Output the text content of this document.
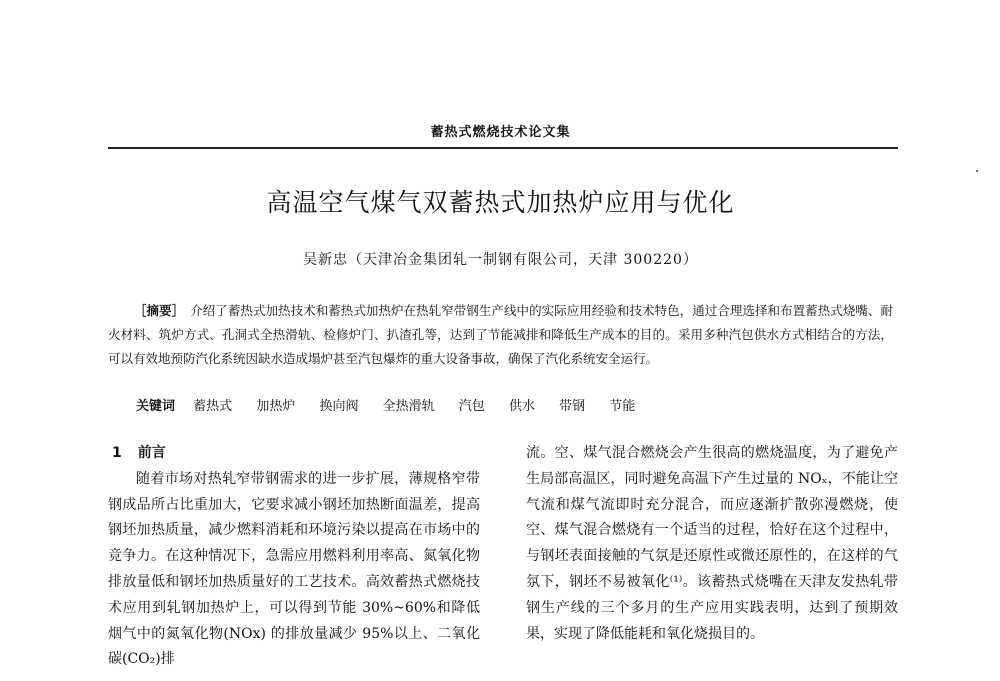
蓄热式燃烧技术论文集
高温空气煤气双蓄热式加热炉应用与优化
吴新忠（天津冶金集团轧一制钢有限公司，天津 300220）
［摘要］ 介绍了蓄热式加热技术和蓄热式加热炉在热轧窄带钢生产线中的实际应用经验和技术特色，通过合理选择和布置蓄热式烧嘴、耐火材料、筑炉方式、孔洞式全热滑轨、检修炉门、扒渣孔等，达到了节能减排和降低生产成本的目的。采用多种汽包供水方式相结合的方法，可以有效地预防汽化系统因缺水造成塌炉甚至汽包爆炸的重大设备事故，确保了汽化系统安全运行。
关键词 蓄热式 加热炉 换向阀 全热滑轨 汽包 供水 带钢 节能
1 前言

随着市场对热轧窄带钢需求的进一步扩展，薄规格窄带钢成品所占比重加大，它要求减小钢坯加热断面温差，提高钢坯加热质量，减少燃料消耗和环境污染以提高在市场中的竞争力。在这种情况下，急需应用燃料利用率高、氮氧化物排放量低和钢坯加热质量好的工艺技术。高效蓄热式燃烧技术应用到轧钢加热炉上，可以得到节能 30%~60%和降低烟气中的氮氧化物(NOx) 的排放量减少 95%以上、二氧化碳(CO₂)排

流。空、煤气混合燃烧会产生很高的燃烧温度，为了避免产生局部高温区，同时避免高温下产生过量的 NOₓ，不能让空气流和煤气流即时充分混合，而应逐渐扩散弥漫燃烧，使空、煤气混合燃烧有一个适当的过程，恰好在这个过程中，与钢坯表面接触的气氛是还原性或微还原性的，在这样的气氛下，钢坯不易被氧化⁽¹⁾。该蓄热式烧嘴在天津友发热轧带钢生产线的三个多月的生产应用实践表明，达到了预期效果，实现了降低能耗和氧化烧损目的。
